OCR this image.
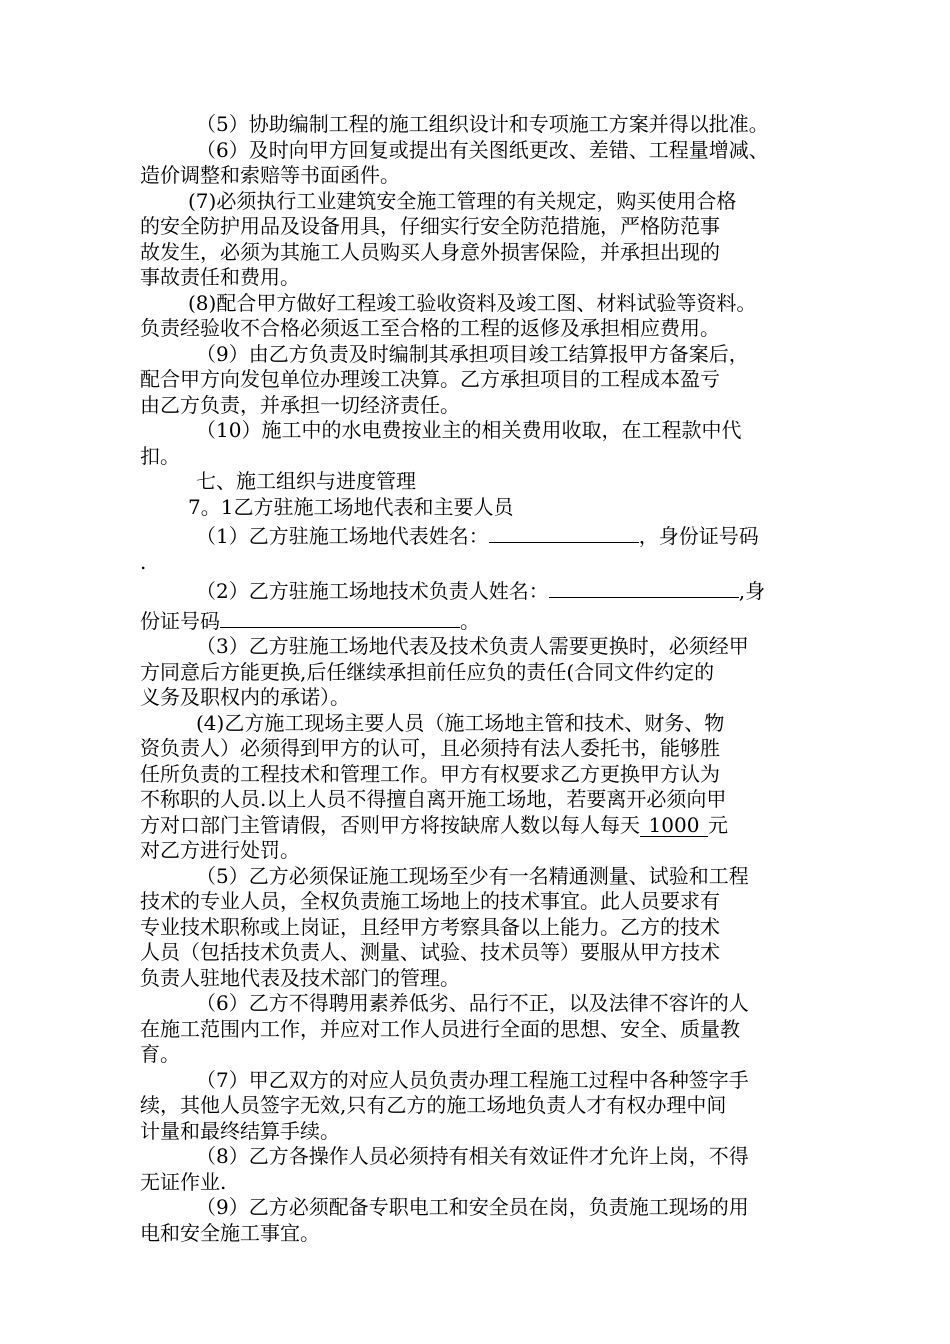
（5）协助编制工程的施工组织设计和专项施工方案并得以批准。

（6）及时向甲方回复或提出有关图纸更改、差错、工程量增减、

造价调整和索赔等书面函件。

(7)必须执行工业建筑安全施工管理的有关规定，购买使用合格

的安全防护用品及设备用具，仔细实行安全防范措施，严格防范事

故发生，必须为其施工人员购买人身意外损害保险，并承担出现的

事故责任和费用。

(8)配合甲方做好工程竣工验收资料及竣工图、材料试验等资料。

负责经验收不合格必须返工至合格的工程的返修及承担相应费用。

（9）由乙方负责及时编制其承担项目竣工结算报甲方备案后，

配合甲方向发包单位办理竣工决算。乙方承担项目的工程成本盈亏

由乙方负责，并承担一切经济责任。

（10）施工中的水电费按业主的相关费用收取，在工程款中代

扣。

七、施工组织与进度管理

7。1乙方驻施工场地代表和主要人员

（1）乙方驻施工场地代表姓名：	，身份证号码

.

（2）乙方驻施工场地技术负责人姓名：	,身

份证号码	。

（3）乙方驻施工场地代表及技术负责人需要更换时，必须经甲

方同意后方能更换,后任继续承担前任应负的责任(合同文件约定的

义务及职权内的承诺）。

(4)乙方施工现场主要人员（施工场地主管和技术、财务、物

资负责人）必须得到甲方的认可，且必须持有法人委托书，能够胜

任所负责的工程技术和管理工作。甲方有权要求乙方更换甲方认为

不称职的人员.以上人员不得擅自离开施工场地，若要离开必须向甲

方对口部门主管请假，否则甲方将按缺席人数以每人每天 1000 元

对乙方进行处罚。

（5）乙方必须保证施工现场至少有一名精通测量、试验和工程

技术的专业人员，全权负责施工场地上的技术事宜。此人员要求有

专业技术职称或上岗证，且经甲方考察具备以上能力。乙方的技术

人员（包括技术负责人、测量、试验、技术员等）要服从甲方技术

负责人驻地代表及技术部门的管理。

（6）乙方不得聘用素养低劣、品行不正，以及法律不容许的人

在施工范围内工作，并应对工作人员进行全面的思想、安全、质量教

育。

（7）甲乙双方的对应人员负责办理工程施工过程中各种签字手

续，其他人员签字无效,只有乙方的施工场地负责人才有权办理中间

计量和最终结算手续。

（8）乙方各操作人员必须持有相关有效证件才允许上岗，不得

无证作业.

（9）乙方必须配备专职电工和安全员在岗，负责施工现场的用

电和安全施工事宜。
